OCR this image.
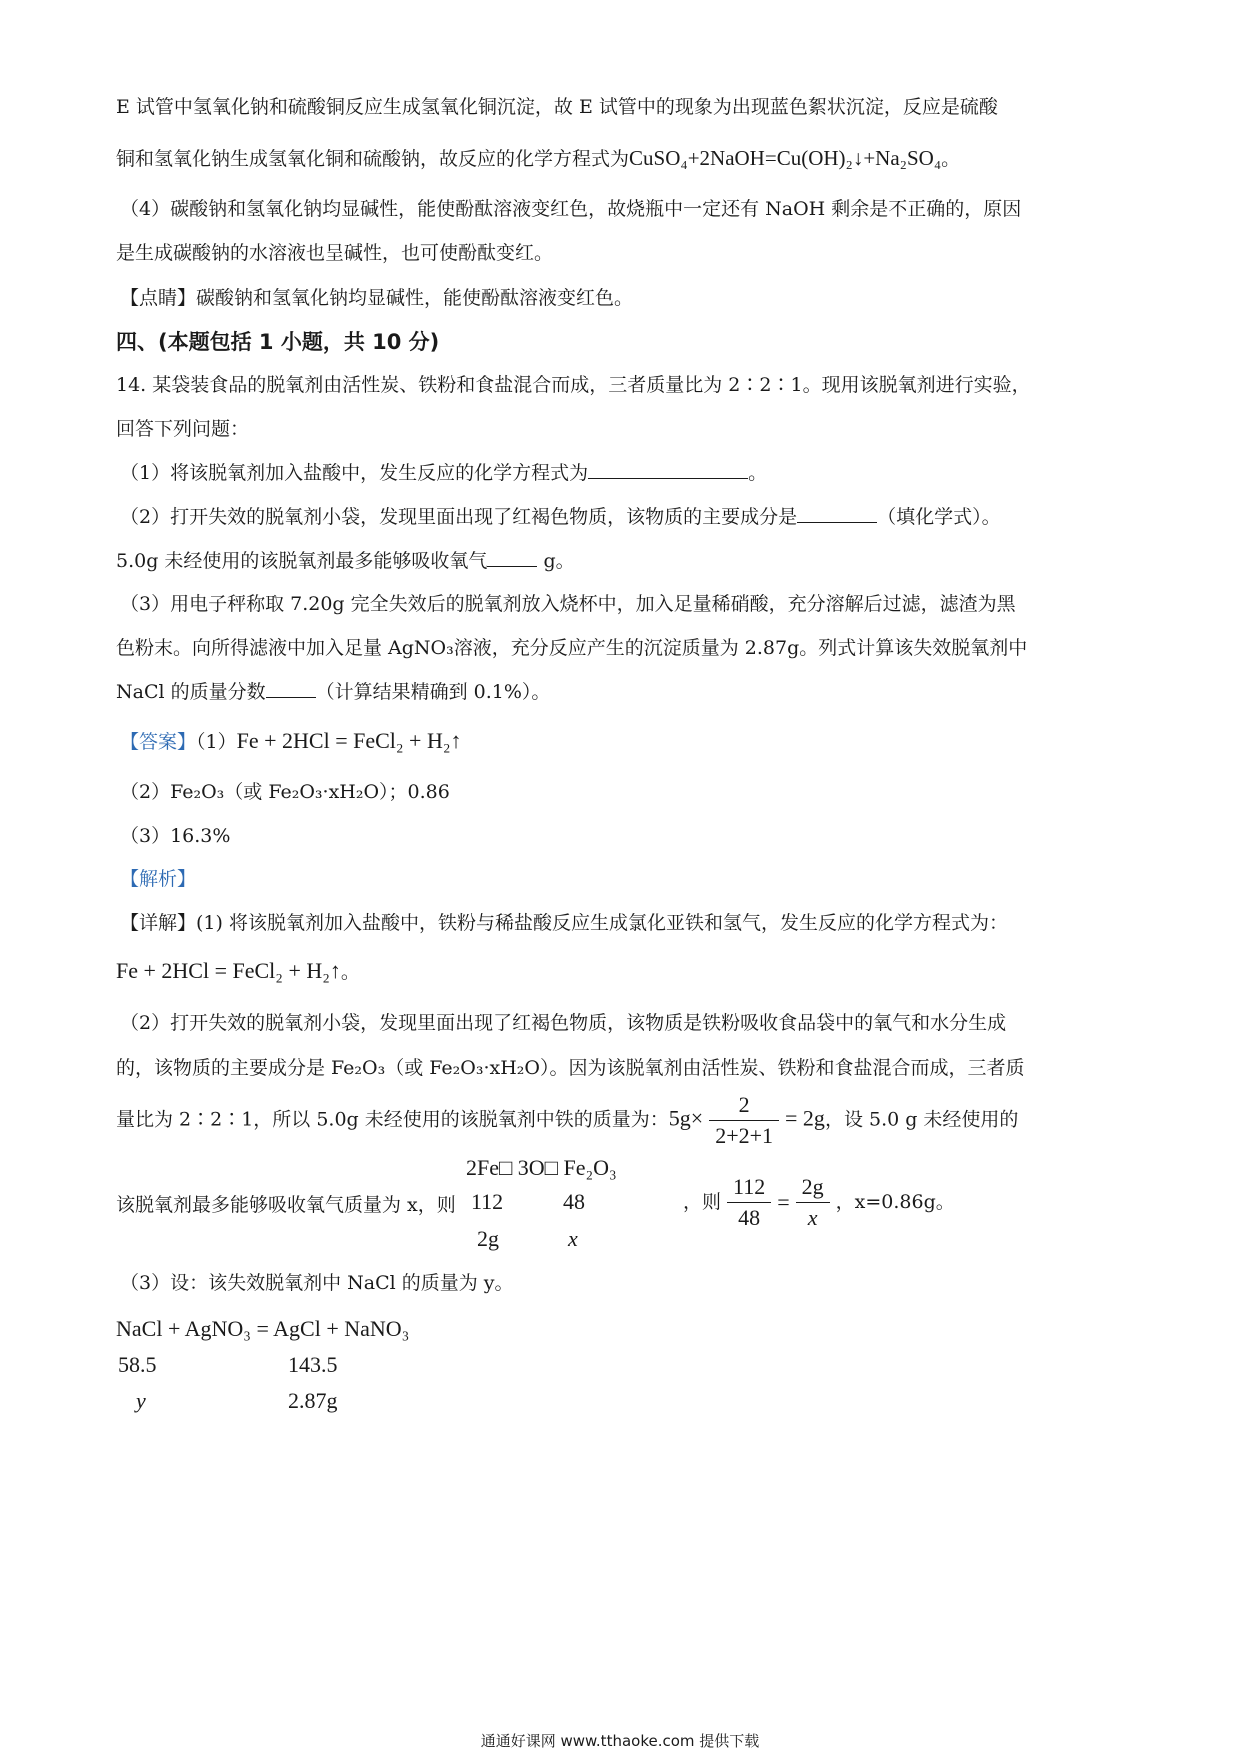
E 试管中氢氧化钠和硫酸铜反应生成氢氧化铜沉淀，故 E 试管中的现象为出现蓝色絮状沉淀，反应是硫酸
铜和氢氧化钠生成氢氧化铜和硫酸钠，故反应的化学方程式为CuSO₄+2NaOH=Cu(OH)₂↓+Na₂SO₄。
（4）碳酸钠和氢氧化钠均显碱性，能使酚酞溶液变红色，故烧瓶中一定还有 NaOH 剩余是不正确的，原因
是生成碳酸钠的水溶液也呈碱性，也可使酚酞变红。
【点睛】碳酸钠和氢氧化钠均显碱性，能使酚酞溶液变红色。
四、(本题包括 1 小题，共 10 分)
14. 某袋装食品的脱氧剂由活性炭、铁粉和食盐混合而成，三者质量比为 2∶2∶1。现用该脱氧剂进行实验，
回答下列问题：
（1）将该脱氧剂加入盐酸中，发生反应的化学方程式为	。
（2）打开失效的脱氧剂小袋，发现里面出现了红褐色物质，该物质的主要成分是	（填化学式）。
5.0g 未经使用的该脱氧剂最多能够吸收氧气	g。
（3）用电子秤称取 7.20g 完全失效后的脱氧剂放入烧杯中，加入足量稀硝酸，充分溶解后过滤，滤渣为黑
色粉末。向所得滤液中加入足量 AgNO₃溶液，充分反应产生的沉淀质量为 2.87g。列式计算该失效脱氧剂中
NaCl 的质量分数	（计算结果精确到 0.1%）。
【答案】（1）Fe + 2HCl = FeCl₂ + H₂↑
（2）Fe₂O₃（或 Fe₂O₃·xH₂O）；0.86
（3）16.3%
【解析】
【详解】(1) 将该脱氧剂加入盐酸中，铁粉与稀盐酸反应生成氯化亚铁和氢气，发生反应的化学方程式为：
Fe + 2HCl = FeCl₂ + H₂↑。
（2）打开失效的脱氧剂小袋，发现里面出现了红褐色物质，该物质是铁粉吸收食品袋中的氧气和水分生成
的，该物质的主要成分是 Fe₂O₃（或 Fe₂O₃·xH₂O）。因为该脱氧剂由活性炭、铁粉和食盐混合而成，三者质
量比为 2∶2∶1，所以 5.0g 未经使用的该脱氧剂中铁的质量为：$5g\times \frac{2}{2+2+1} = 2g$，设 5.0 g 未经使用的
2Fe□ 3O□ Fe₂O₃
该脱氧剂最多能够吸收氧气质量为 x，则 112	48
2g	x
，则 $\frac{112}{48} = \frac{2g}{x}$ ，x=0.86g。
（3）设：该失效脱氧剂中 NaCl 的质量为 y。
NaCl + AgNO₃ = AgCl + NaNO₃
58.5	143.5
y	2.87g
通通好课网 www.tthaoke.com 提供下载
